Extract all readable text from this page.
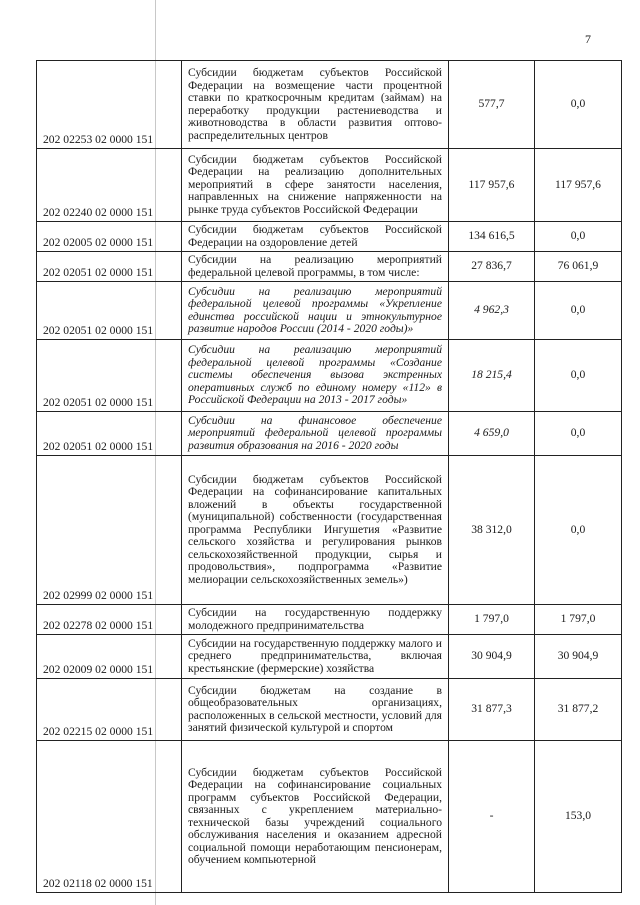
7
202 02253 02 0000 151	Субсидии бюджетам субъектов Российской Федерации на возмещение части процентной ставки по краткосрочным кредитам (займам) на переработку продукции растениеводства и животноводства в области развития оптово-распределительных центров	577,7	0,0
202 02240 02 0000 151	Субсидии бюджетам субъектов Российской Федерации на реализацию дополнительных мероприятий в сфере занятости населения, направленных на снижение напряженности на рынке труда субъектов Российской Федерации	117 957,6	117 957,6
202 02005 02 0000 151	Субсидии бюджетам субъектов Российской Федерации на оздоровление детей	134 616,5	0,0
202 02051 02 0000 151	Субсидии на реализацию мероприятий федеральной целевой программы, в том числе:	27 836,7	76 061,9
202 02051 02 0000 151	Субсидии на реализацию мероприятий федеральной целевой программы «Укрепление единства российской нации и этнокультурное развитие народов России (2014 - 2020 годы)»	4 962,3	0,0
202 02051 02 0000 151	Субсидии на реализацию мероприятий федеральной целевой программы «Создание системы обеспечения вызова экстренных оперативных служб по единому номеру «112» в Российской Федерации на 2013 - 2017 годы»	18 215,4	0,0
202 02051 02 0000 151	Субсидии на финансовое обеспечение мероприятий федеральной целевой программы развития образования на 2016 - 2020 годы	4 659,0	0,0
202 02999 02 0000 151	Субсидии бюджетам субъектов Российской Федерации на софинансирование капитальных вложений в объекты государственной (муниципальной) собственности (государственная программа Республики Ингушетия «Развитие сельского хозяйства и регулирования рынков сельскохозяйственной продукции, сырья и продовольствия», подпрограмма «Развитие мелиорации сельскохозяйственных земель»)	38 312,0	0,0
202 02278 02 0000 151	Субсидии на государственную поддержку молодежного предпринимательства	1 797,0	1 797,0
202 02009 02 0000 151	Субсидии на государственную поддержку малого и среднего предпринимательства, включая крестьянские (фермерские) хозяйства	30 904,9	30 904,9
202 02215 02 0000 151	Субсидии бюджетам на создание в общеобразовательных организациях, расположенных в сельской местности, условий для занятий физической культурой и спортом	31 877,3	31 877,2
202 02118 02 0000 151	Субсидии бюджетам субъектов Российской Федерации на софинансирование социальных программ субъектов Российской Федерации, связанных с укреплением материально-технической базы учреждений социального обслуживания населения и оказанием адресной социальной помощи неработающим пенсионерам, обучением компьютерной	-	153,0
